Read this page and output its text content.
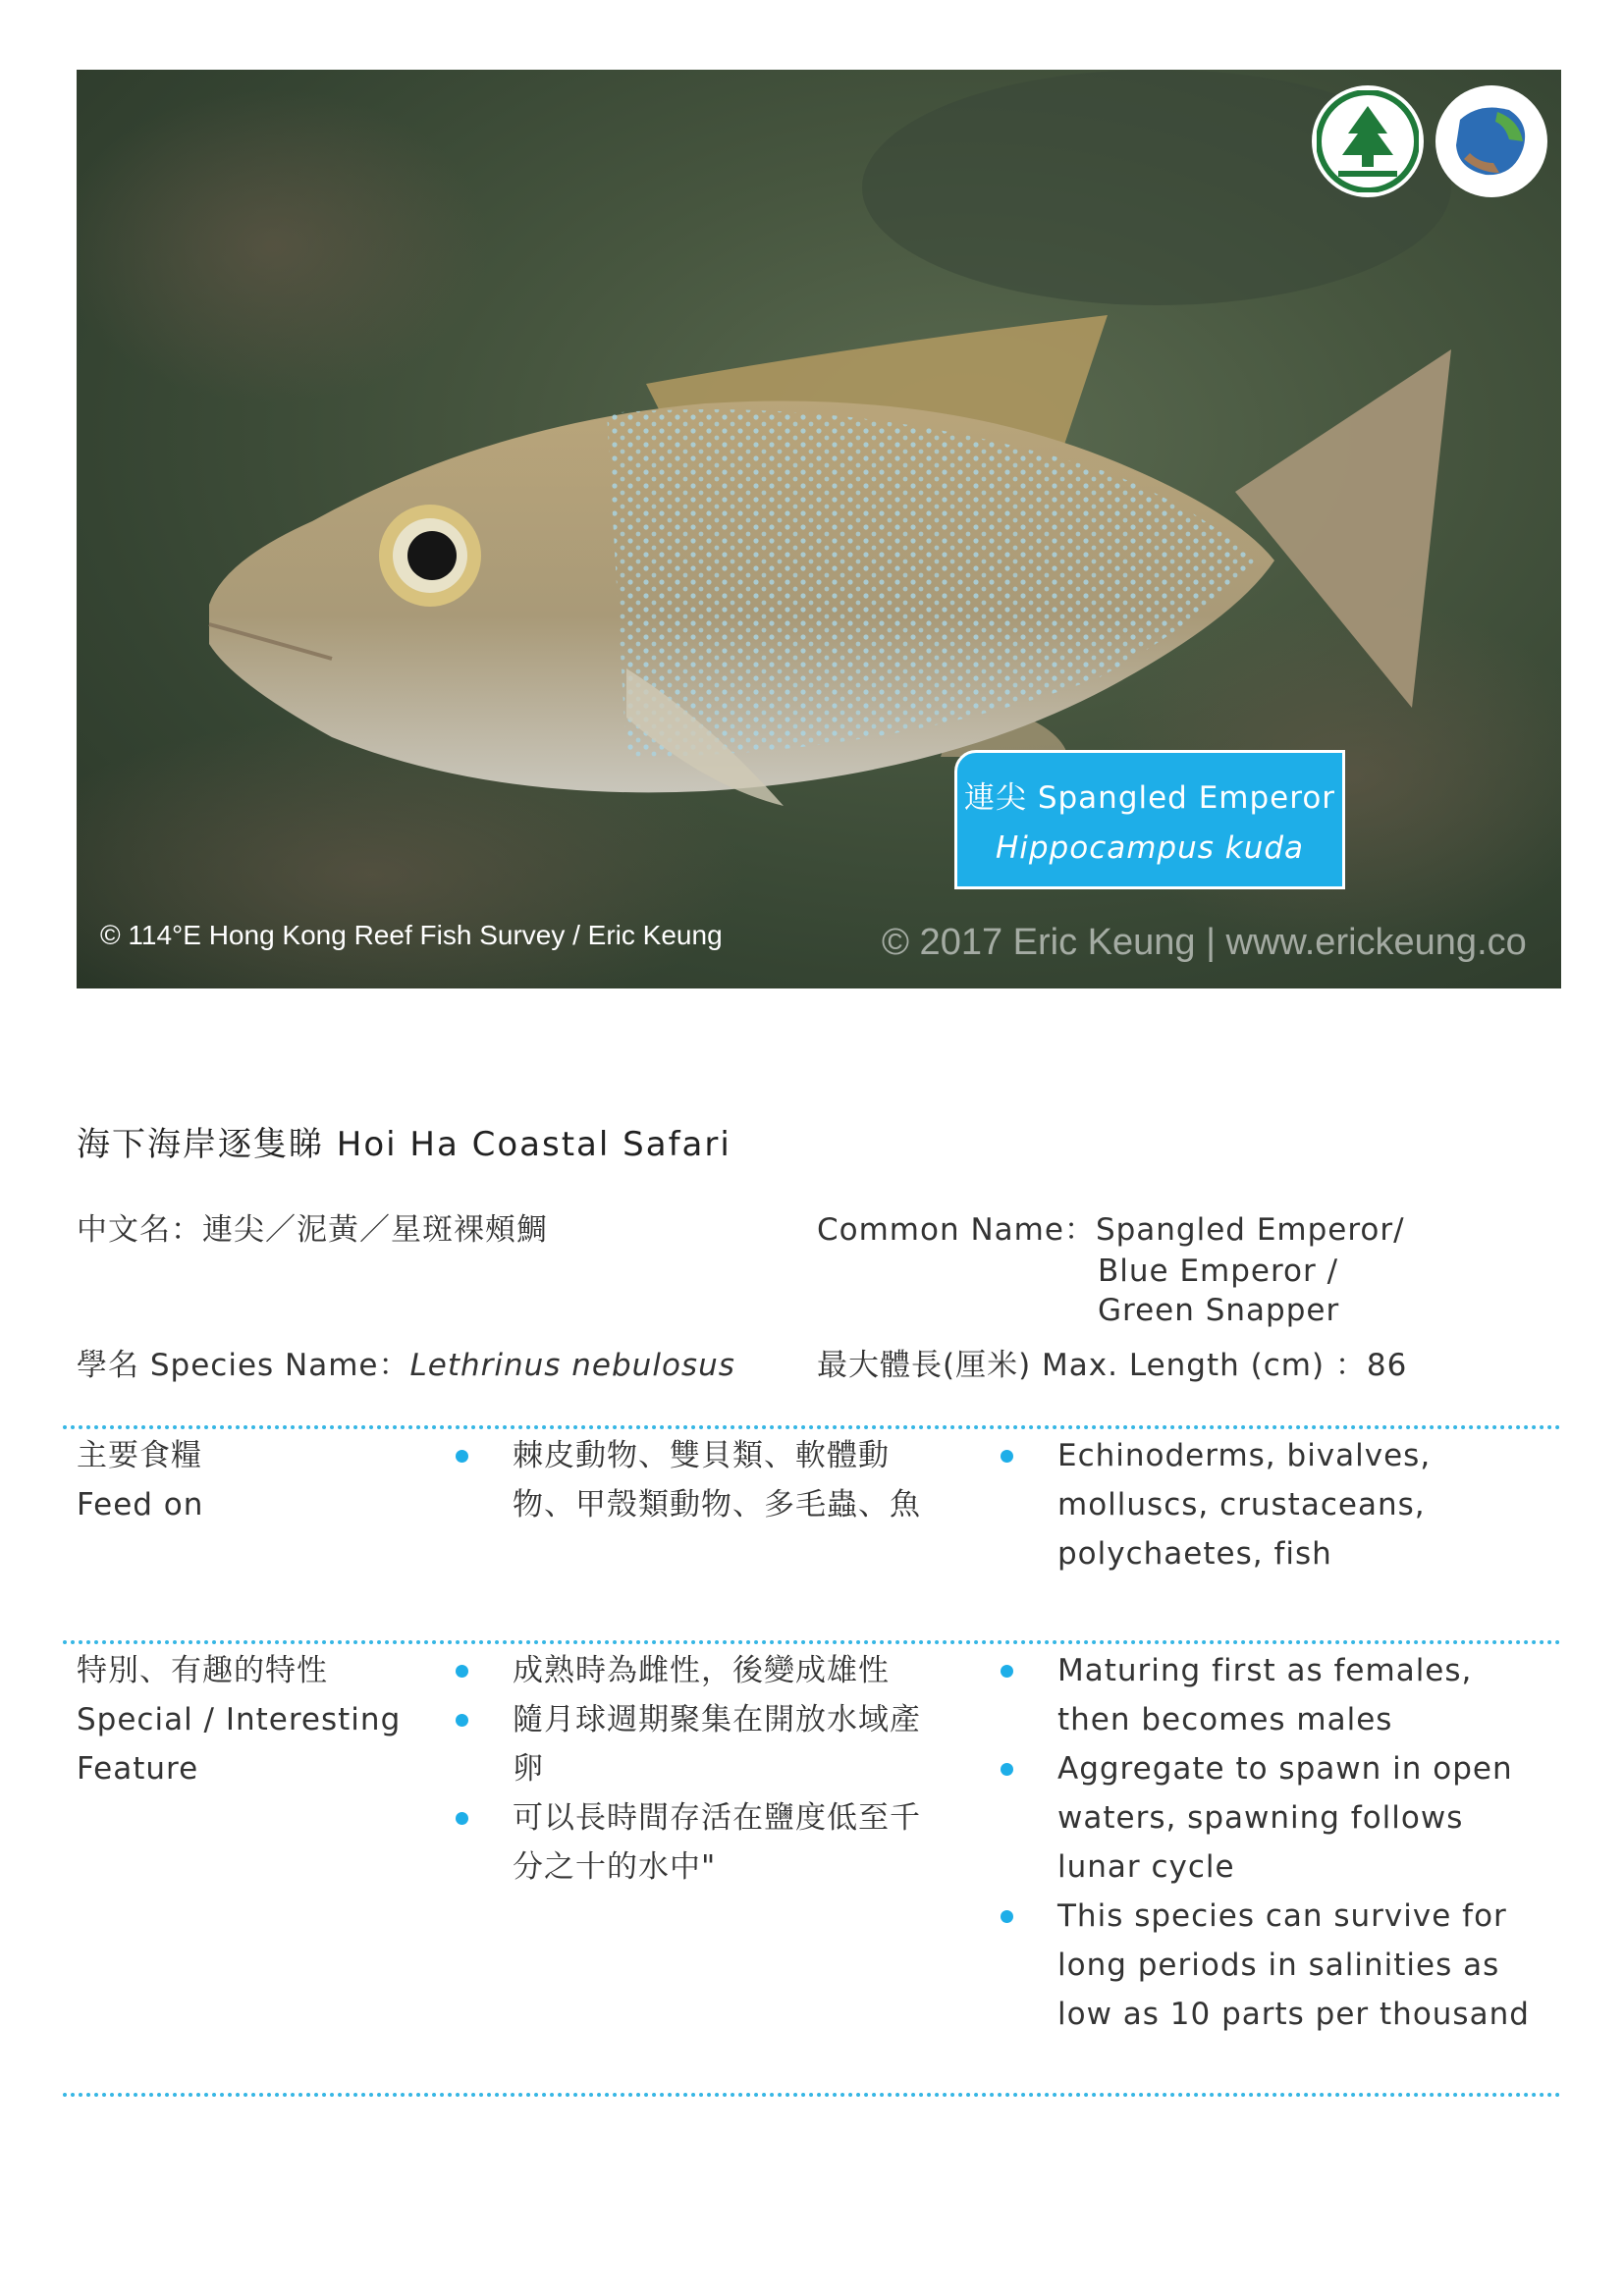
© 2017 Eric Keung | www.erickeung.co
© 114°E Hong Kong Reef Fish Survey / Eric Keung
連尖 Spangled Emperor
Hippocampus kuda
海下海岸逐隻睇 Hoi Ha Coastal Safari
中文名：連尖／泥黃／星斑裸頰鯛	Common Name：Spangled Emperor/
Blue Emperor /
Green Snapper
學名 Species Name：Lethrinus nebulosus	最大體長(厘米) Max. Length (cm) ：86
主要食糧
Feed on
棘皮動物、雙貝類、軟體動物、甲殼類動物、多毛蟲、魚
Echinoderms, bivalves, molluscs, crustaceans, polychaetes, fish
特別、有趣的特性
Special / Interesting
Feature
成熟時為雌性，後變成雄性
隨月球週期聚集在開放水域產卵
可以長時間存活在鹽度低至千分之十的水中"
Maturing first as females, then becomes males
Aggregate to spawn in open waters, spawning follows lunar cycle
This species can survive for long periods in salinities as low as 10 parts per thousand
